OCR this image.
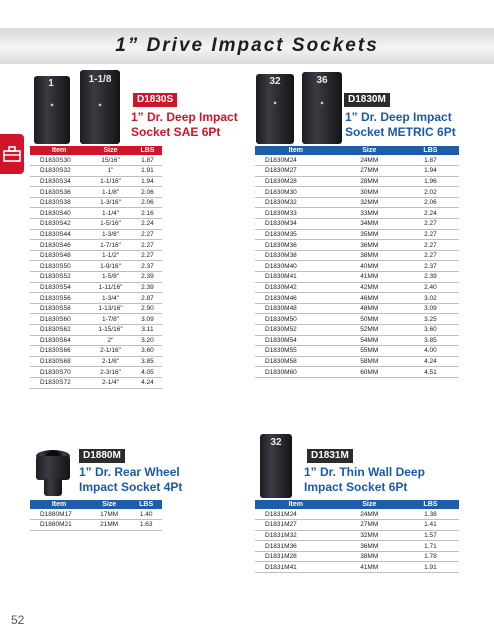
1” Drive Impact Sockets
1
◆
1-1/8
◆	D1830S
1” Dr. Deep Impact
Socket SAE 6Pt
Item	Size	LBS
D1830S30	15/16"	1.87
D1830S32	1"	1.91
D1830S34	1-1/16"	1.94
D1830S36	1-1/8"	2.06
D1830S38	1-3/16"	2.06
D1830S40	1-1/4"	2.16
D1830S42	1-5/16"	2.24
D1830S44	1-3/8"	2.27
D1830S46	1-7/16"	2.27
D1830S48	1-1/2"	2.27
D1830S50	1-9/16"	2.37
D1830S52	1-5/8"	2.39
D1830S54	1-11/16"	2.39
D1830S56	1-3/4"	2.87
D1830S58	1-13/16"	2.90
D1830S60	1-7/8"	3.09
D1830S62	1-15/16"	3.11
D1830S64	2"	3.20
D1830S66	2-1/16"	3.60
D1830S68	2-1/8"	3.85
D1830S70	2-3/16"	4.05
D1830S72	2-1/4"	4.24
32
◆
36
◆	D1830M
1” Dr. Deep Impact
Socket METRIC 6Pt
Item	Size	LBS
D1830M24	24MM	1.87
D1830M27	27MM	1.94
D1830M28	28MM	1.96
D1830M30	30MM	2.02
D1830M32	32MM	2.06
D1830M33	33MM	2.24
D1830M34	34MM	2.27
D1830M35	35MM	2.27
D1830M36	36MM	2.27
D1830M38	38MM	2.27
D1830M40	40MM	2.37
D1830M41	41MM	2.39
D1830M42	42MM	2.40
D1830M46	46MM	3.02
D1830M48	48MM	3.09
D1830M50	50MM	3.25
D1830M52	52MM	3.60
D1830M54	54MM	3.85
D1830M55	55MM	4.00
D1830M58	58MM	4.24
D1830M60	60MM	4.51
D1880M
1” Dr. Rear Wheel
Impact Socket 4Pt
Item	Size	LBS
D1880M17	17MM	1.40
D1880M21	21MM	1.63
32
D1831M
1” Dr. Thin Wall Deep
Impact Socket 6Pt
Item	Size	LBS
D1831M24	24MM	1.38
D1831M27	27MM	1.41
D1831M32	32MM	1.57
D1831M36	36MM	1.71
D1831M28	38MM	1.78
D1831M41	41MM	1.91
52
